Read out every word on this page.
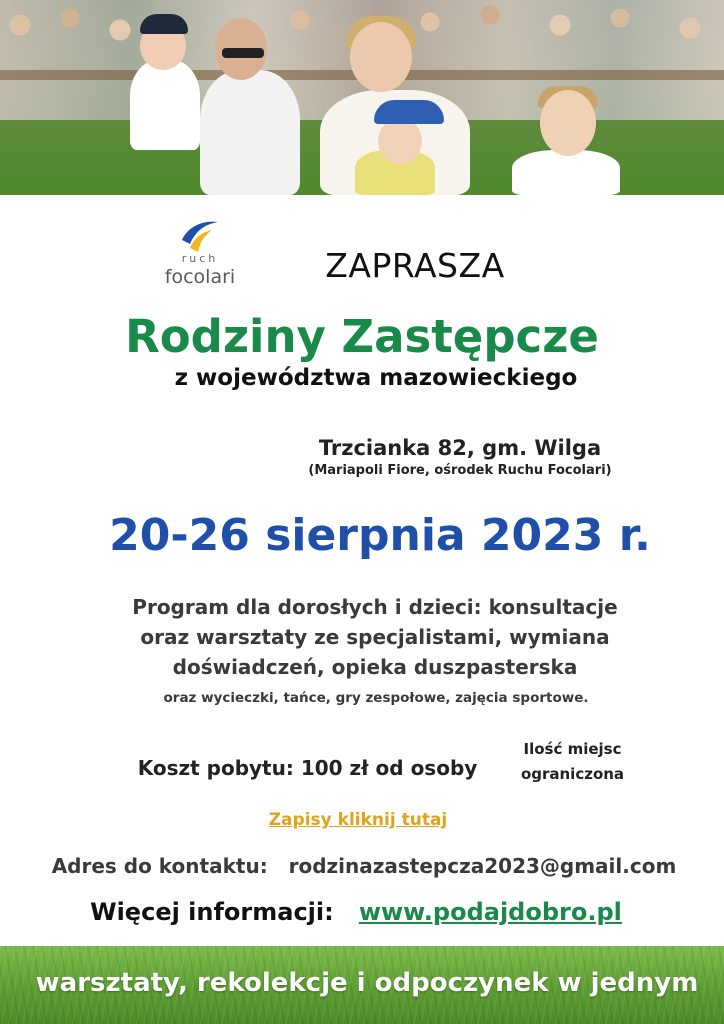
ruch
focolari	ZAPRASZA
Rodziny Zastępcze
z województwa mazowieckiego
Trzcianka 82, gm. Wilga
(Mariapoli Fiore, ośrodek Ruchu Focolari)
20-26 sierpnia 2023 r.
Program dla dorosłych i dzieci: konsultacje
oraz warsztaty ze specjalistami, wymiana
doświadczeń, opieka duszpasterska
oraz wycieczki, tańce, gry zespołowe, zajęcia sportowe.
Koszt pobytu: 100 zł od osoby
Ilość miejsc
ograniczona
Zapisy kliknij tutaj
Adres do kontaktu: rodzinazastepcza2023@gmail.com
Więcej informacji: www.podajdobro.pl
warsztaty, rekolekcje i odpoczynek w jednym
